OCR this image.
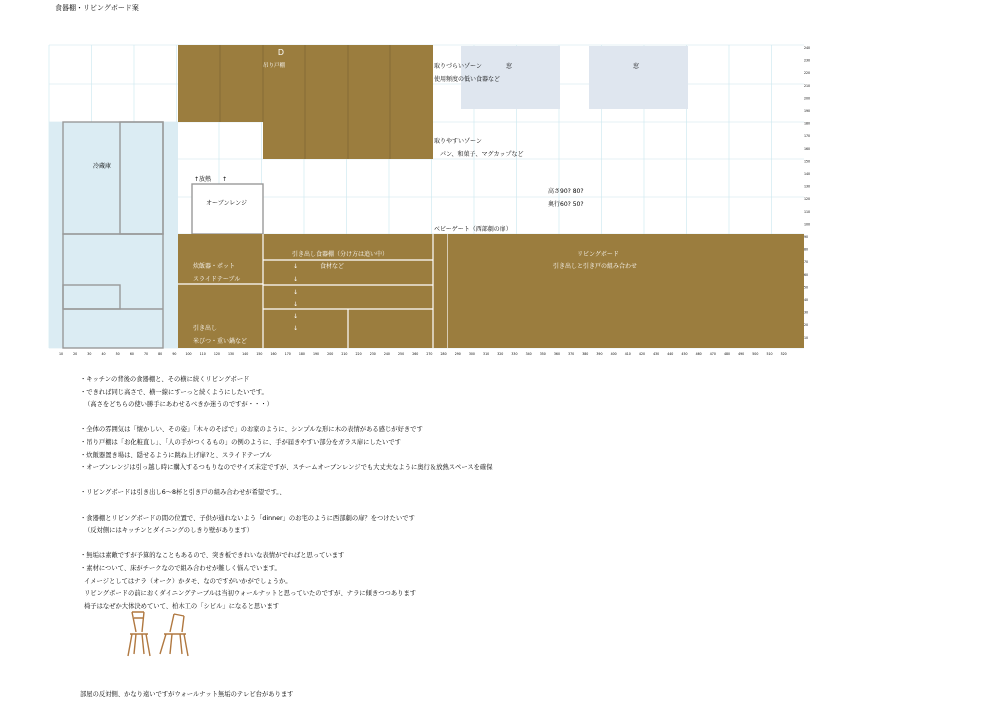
食器棚・リビングボード案
10	20	30	40	50	60	70	80	90	100	110	120	130	140	150	160	170	180	190	200	210	220	230	240	250	260	270	280	290	300	310	320	330	340	350	360	370	380	390	400	410	420	430	440	450	460	470	480	490	500	510	520
240
230
220
210
200
190
180
170
160
150
140
130
120
110
100
90
80
70
60
50
40
30
20
10
D
吊り戸棚	取りづらいゾーン	窓
使用頻度の低い食器など
窓
取りやすいゾーン
パン、和菓子、マグカップなど
冷蔵庫
↑放熱 ↑
オーブンレンジ
高さ90? 80?
奥行60? 50?
ベビーゲート（西部劇の扉）
炊飯器・ポット
スライドテーブル
引き出し食器棚（分け方は追い中）
食材など
引き出し
米びつ・重い鍋など
リビングボード
引き出しと引き戸の組み合わせ
↓
↓
↓
↓
↓
↓
・キッチンの背後の食器棚と、その横に続くリビングボード
・できれば同じ高さで、横一線にすーっと続くようにしたいです。
（高さをどちらの使い勝手にあわせるべきか迷うのですが・・・）
・全体の雰囲気は「懐かしい、その姿」「木々のそばで」のお家のように、シンプルな形に木の表情がある感じが好きです
・吊り戸棚は「お化粧直し」、「人の手がつくるもの」の例のように、手が届きやすい部分をガラス扉にしたいです
・炊飯器置き場は、隠せるように跳ね上げ扉?と、スライドテーブル
・オーブンレンジは引っ越し時に購入するつもりなのでサイズ未定ですが、スチームオーブンレンジでも大丈夫なように奥行＆放熱スペースを確保
・リビングボードは引き出し6～8杯と引き戸の組み合わせが希望です。、
・食器棚とリビングボードの間の位置で、子供が通れないよう「dinner」のお宅のように西部劇の扉？をつけたいです
（反対側にはキッチンとダイニングのしきり壁があります）
・無垢は素敵ですが予算的なこともあるので、突き板できれいな表情がでればと思っています
・素材について、床がチークなので組み合わせが難しく悩んでいます。
イメージとしてはナラ（オーク）かタモ、なのですがいかがでしょうか。
リビングボードの前におくダイニングテーブルは当初ウォールナットと思っていたのですが、ナラに傾きつつあります
椅子はなぜか大体決めていて、柏木工の「シビル」になると思います
部屋の反対側、かなり遠いですがウォールナット無垢のテレビ台があります
